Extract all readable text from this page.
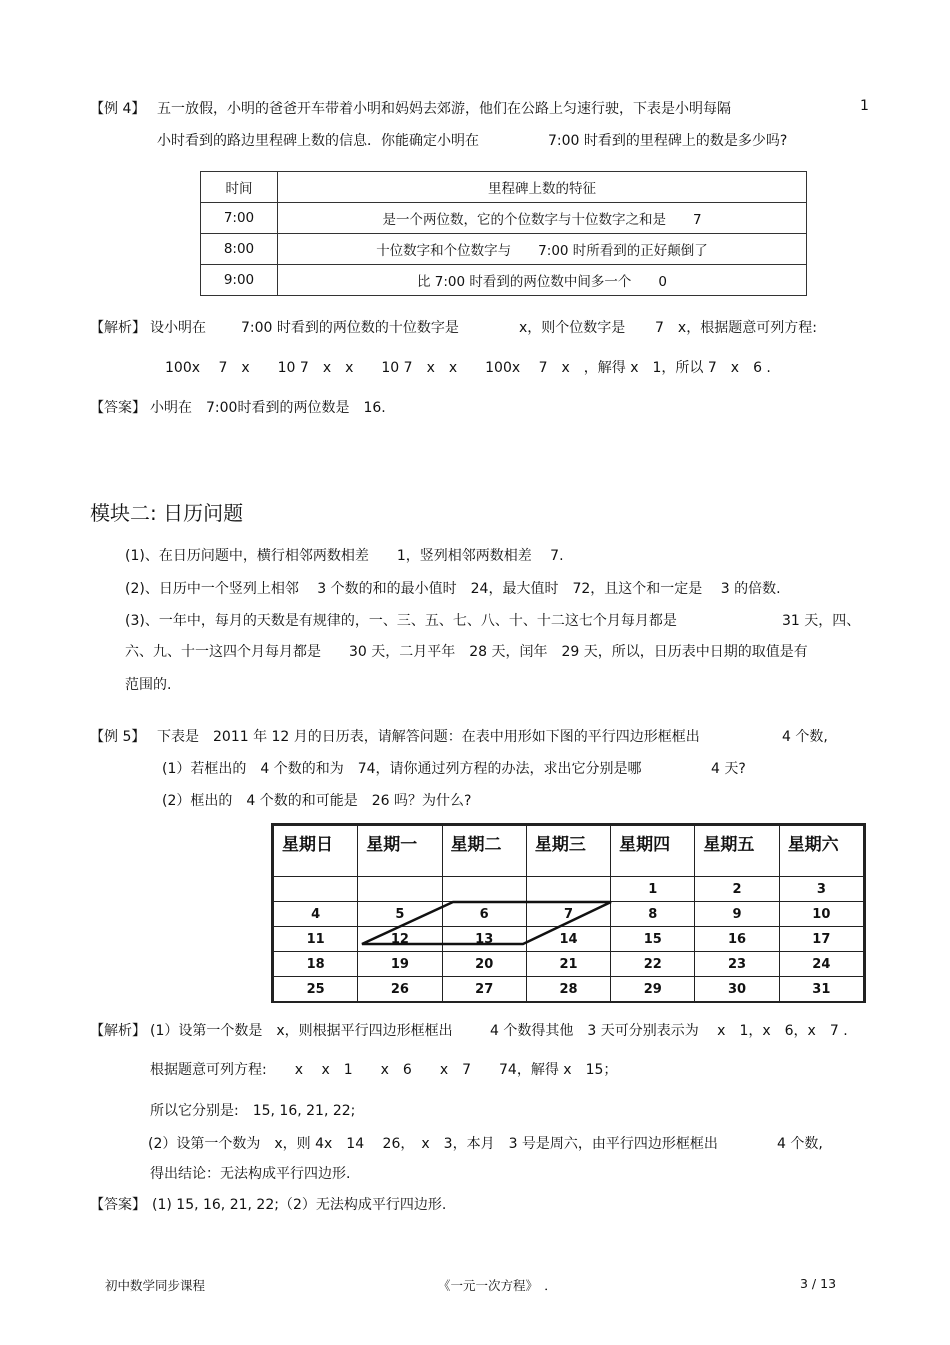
【例 4】 五一放假，小明的爸爸开车带着小明和妈妈去郊游，他们在公路上匀速行驶，下表是小明每隔	1
小时看到的路边里程碑上数的信息．你能确定小明在	7:00 时看到的里程碑上的数是多少吗?
时间	里程碑上数的特征
7:00	是一个两位数，它的个位数字与十位数字之和是　　7
8:00	十位数字和个位数字与　　7:00 时所看到的正好颠倒了
9:00	比 7:00 时看到的两位数中间多一个　　0
【解析】 设小明在	7:00 时看到的两位数的十位数字是	x，则个位数字是 7　x，根据题意可列方程:
100x　 7　x　　10 7　x　x　　10 7　x　x　　100x　 7　x　，解得 x　1，所以 7　x　6 .
【答案】 小明在　7:00时看到的两位数是　16.
模块二: 日历问题
(1)、在日历问题中，横行相邻两数相差　　1，竖列相邻两数相差　 7.
(2)、日历中一个竖列上相邻　 3 个数的和的最小值时　24，最大值时　72，且这个和一定是　 3 的倍数.
(3)、一年中，每月的天数是有规律的，一、三、五、七、八、十、十二这七个月每月都是	31 天，四、
六、九、十一这四个月每月都是　　30 天，二月平年　28 天，闰年　29 天，所以，日历表中日期的取值是有
范围的.
【例 5】 下表是　2011 年 12 月的日历表，请解答问题：在表中用形如下图的平行四边形框框出	4 个数,
(1）若框出的　4 个数的和为　74，请你通过列方程的办法，求出它分别是哪	4 天?
(2）框出的　4 个数的和可能是　26 吗？为什么?
星期日	星期一	星期二	星期三	星期四	星期五	星期六
				1	2	3
4	5	6	7	8	9	10
11	12	13	14	15	16	17
18	19	20	21	22	23	24
25	26	27	28	29	30	31
【解析】 (1）设第一个数是　x，则根据平行四边形框框出	4 个数得其他　3 天可分别表示为　 x　1，x　6，x　7 .
根据题意可列方程:　　x　 x　1　　x　6　　x　7　　74，解得 x　15；
所以它分别是:　15, 16, 21, 22;
(2）设第一个数为　x，则 4x　14　 26，　x　3，本月　3 号是周六，由平行四边形框框出	4 个数,
得出结论：无法构成平行四边形.
【答案】 (1) 15, 16, 21, 22;（2）无法构成平行四边形.
初中数学同步课程	《一元一次方程》　．	3 / 13
